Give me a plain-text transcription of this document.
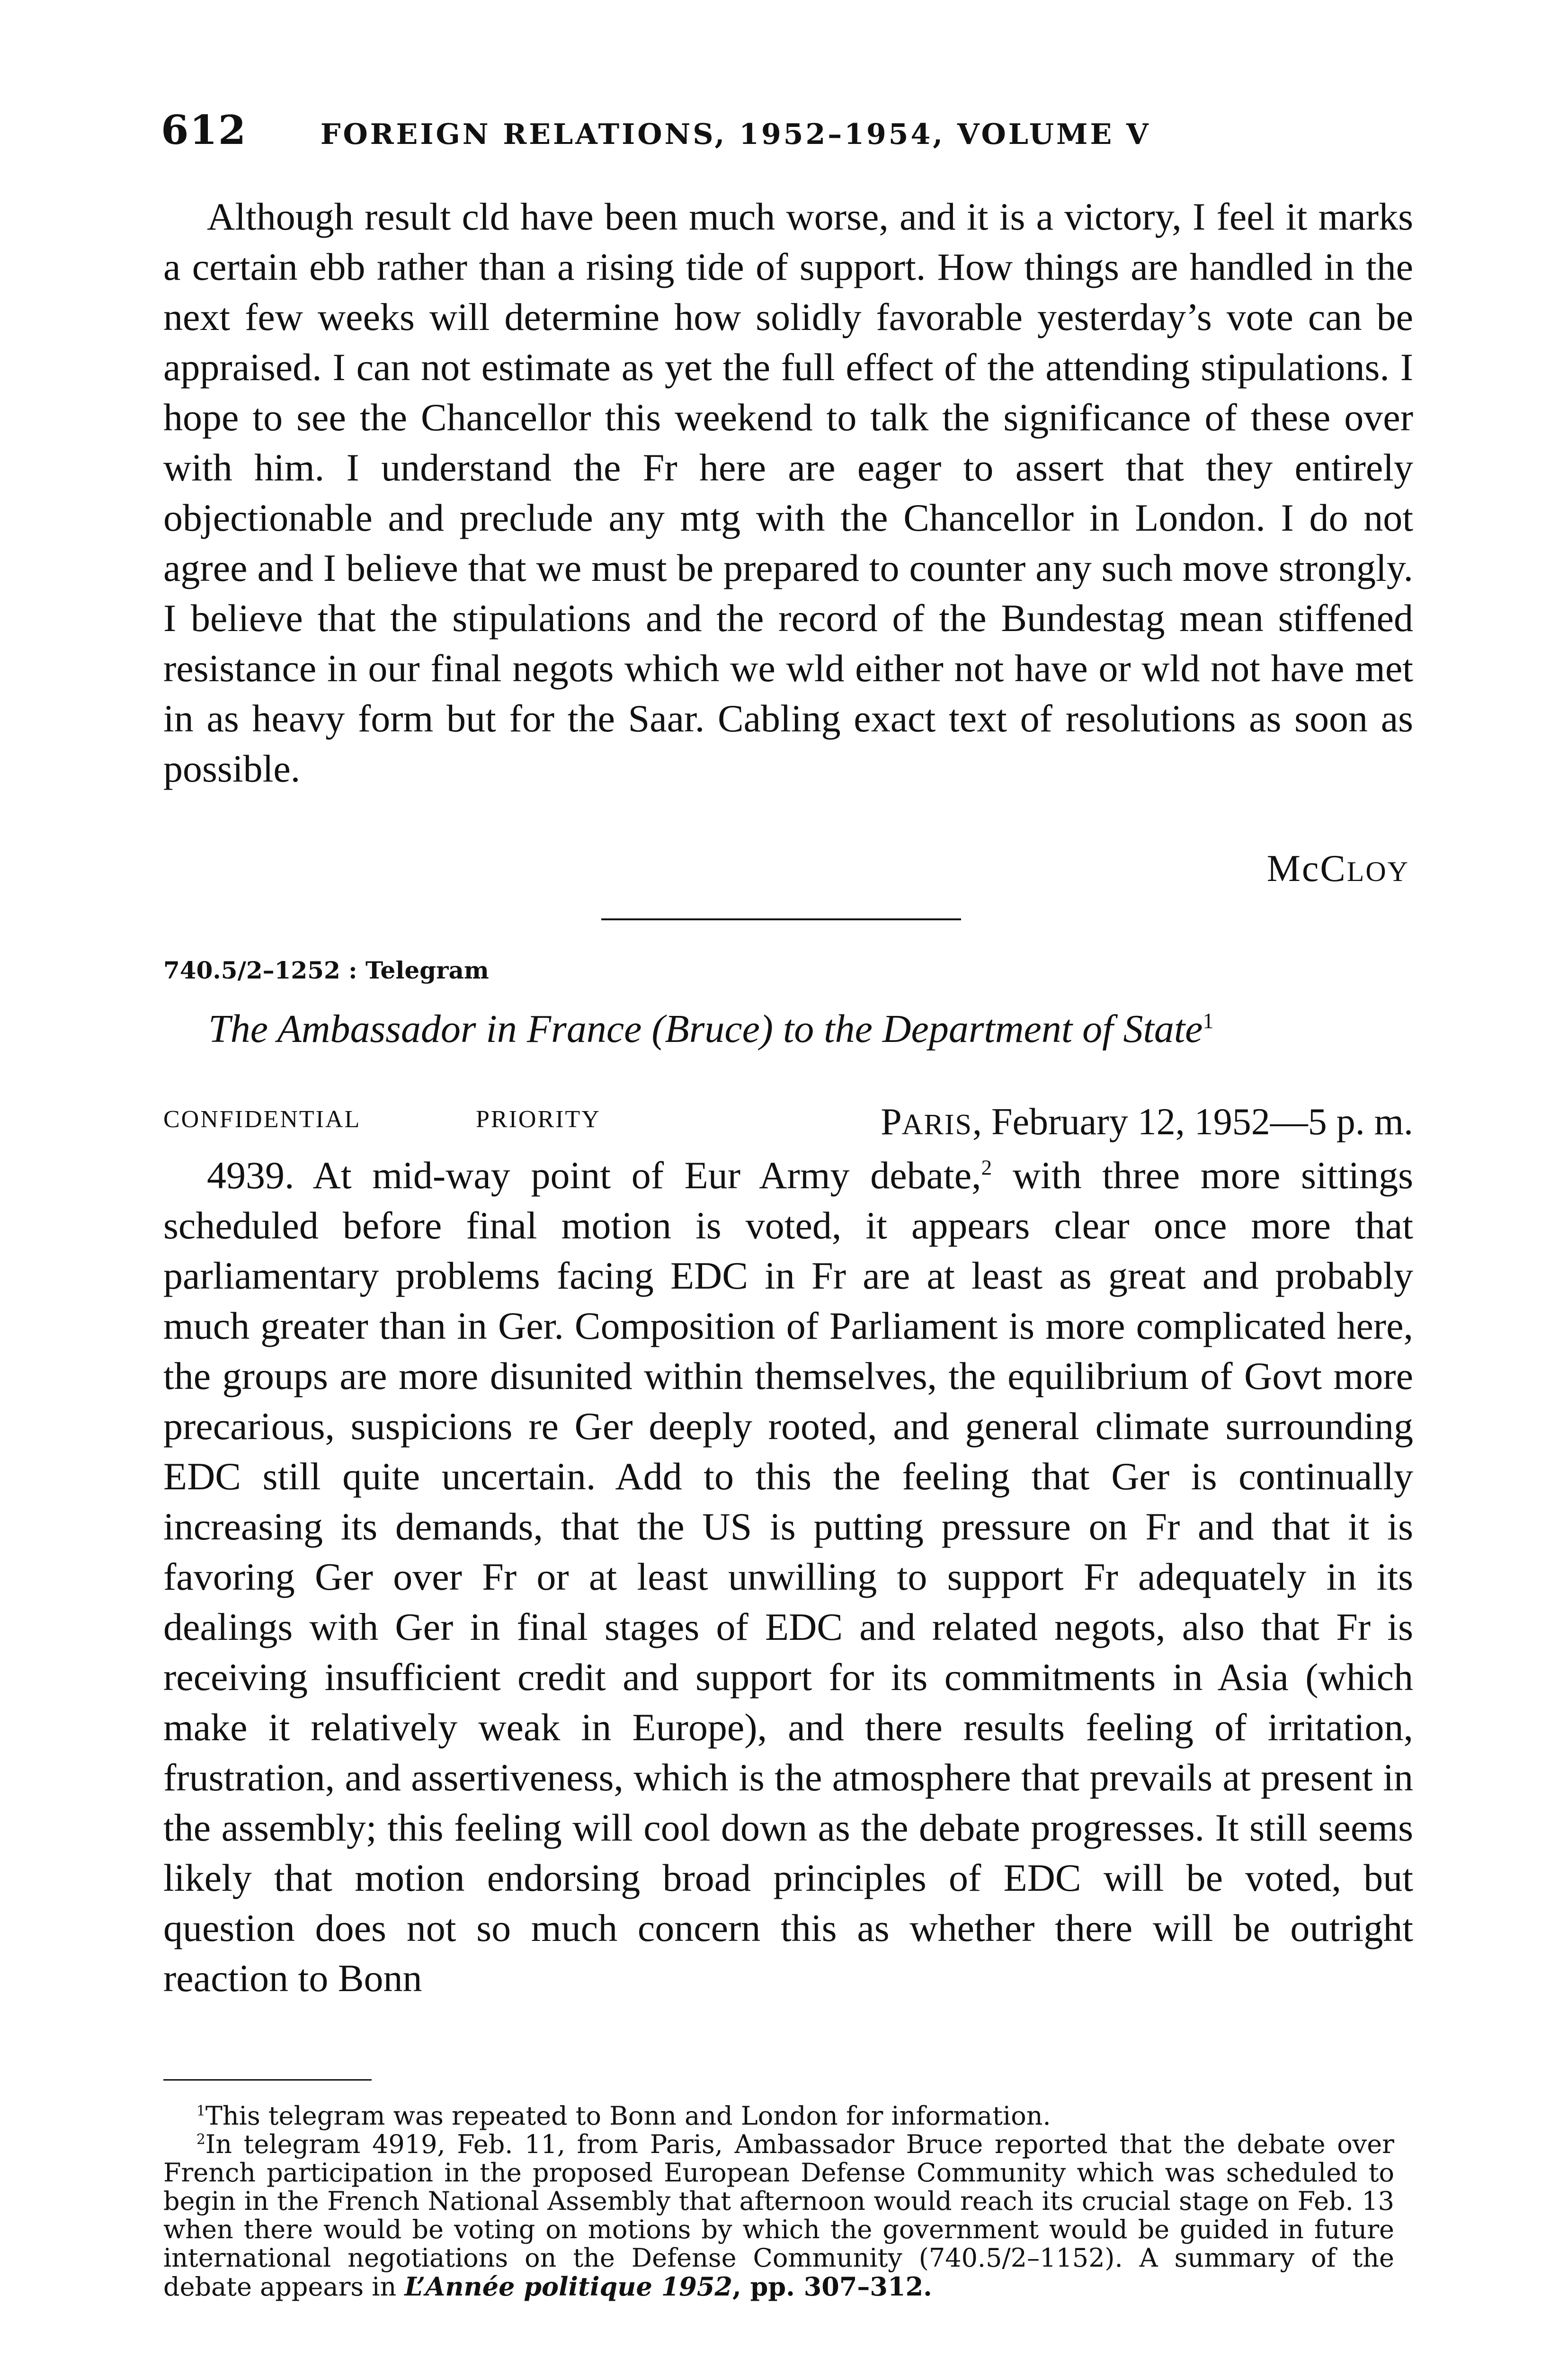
612	FOREIGN RELATIONS, 1952–1954, VOLUME V

Although result cld have been much worse, and it is a victory, I feel it marks a certain ebb rather than a rising tide of support. How things are handled in the next few weeks will determine how solidly favorable yesterday’s vote can be appraised. I can not estimate as yet the full effect of the attending stipulations. I hope to see the Chancellor this weekend to talk the significance of these over with him. I understand the Fr here are eager to assert that they entirely objectionable and preclude any mtg with the Chancellor in London. I do not agree and I believe that we must be prepared to counter any such move strongly. I believe that the stipulations and the record of the Bundestag mean stiffened resistance in our final negots which we wld either not have or wld not have met in as heavy form but for the Saar. Cabling exact text of resolutions as soon as possible.

McCLOY
740.5/2–1252 : Telegram
The Ambassador in France (Bruce) to the Department of State$^1$
CONFIDENTIAL	PRIORITY	PARIS, February 12, 1952—5 p. m.

4939. At mid-way point of Eur Army debate,$^2$ with three more sittings scheduled before final motion is voted, it appears clear once more that parliamentary problems facing EDC in Fr are at least as great and probably much greater than in Ger. Composition of Parliament is more complicated here, the groups are more disunited within themselves, the equilibrium of Govt more precarious, suspicions re Ger deeply rooted, and general climate surrounding EDC still quite uncertain. Add to this the feeling that Ger is continually increasing its demands, that the US is putting pressure on Fr and that it is favoring Ger over Fr or at least unwilling to support Fr adequately in its dealings with Ger in final stages of EDC and related negots, also that Fr is receiving insufficient credit and support for its commitments in Asia (which make it relatively weak in Europe), and there results feeling of irritation, frustration, and assertiveness, which is the atmosphere that prevails at present in the assembly; this feeling will cool down as the debate progresses. It still seems likely that motion endorsing broad principles of EDC will be voted, but question does not so much concern this as whether there will be outright reaction to Bonn

$^1$This telegram was repeated to Bonn and London for information.

$^2$In telegram 4919, Feb. 11, from Paris, Ambassador Bruce reported that the debate over French participation in the proposed European Defense Community which was scheduled to begin in the French National Assembly that afternoon would reach its crucial stage on Feb. 13 when there would be voting on motions by which the government would be guided in future international negotiations on the Defense Community (740.5/2–1152). A summary of the debate appears in L’Année politique 1952, pp. 307–312.
